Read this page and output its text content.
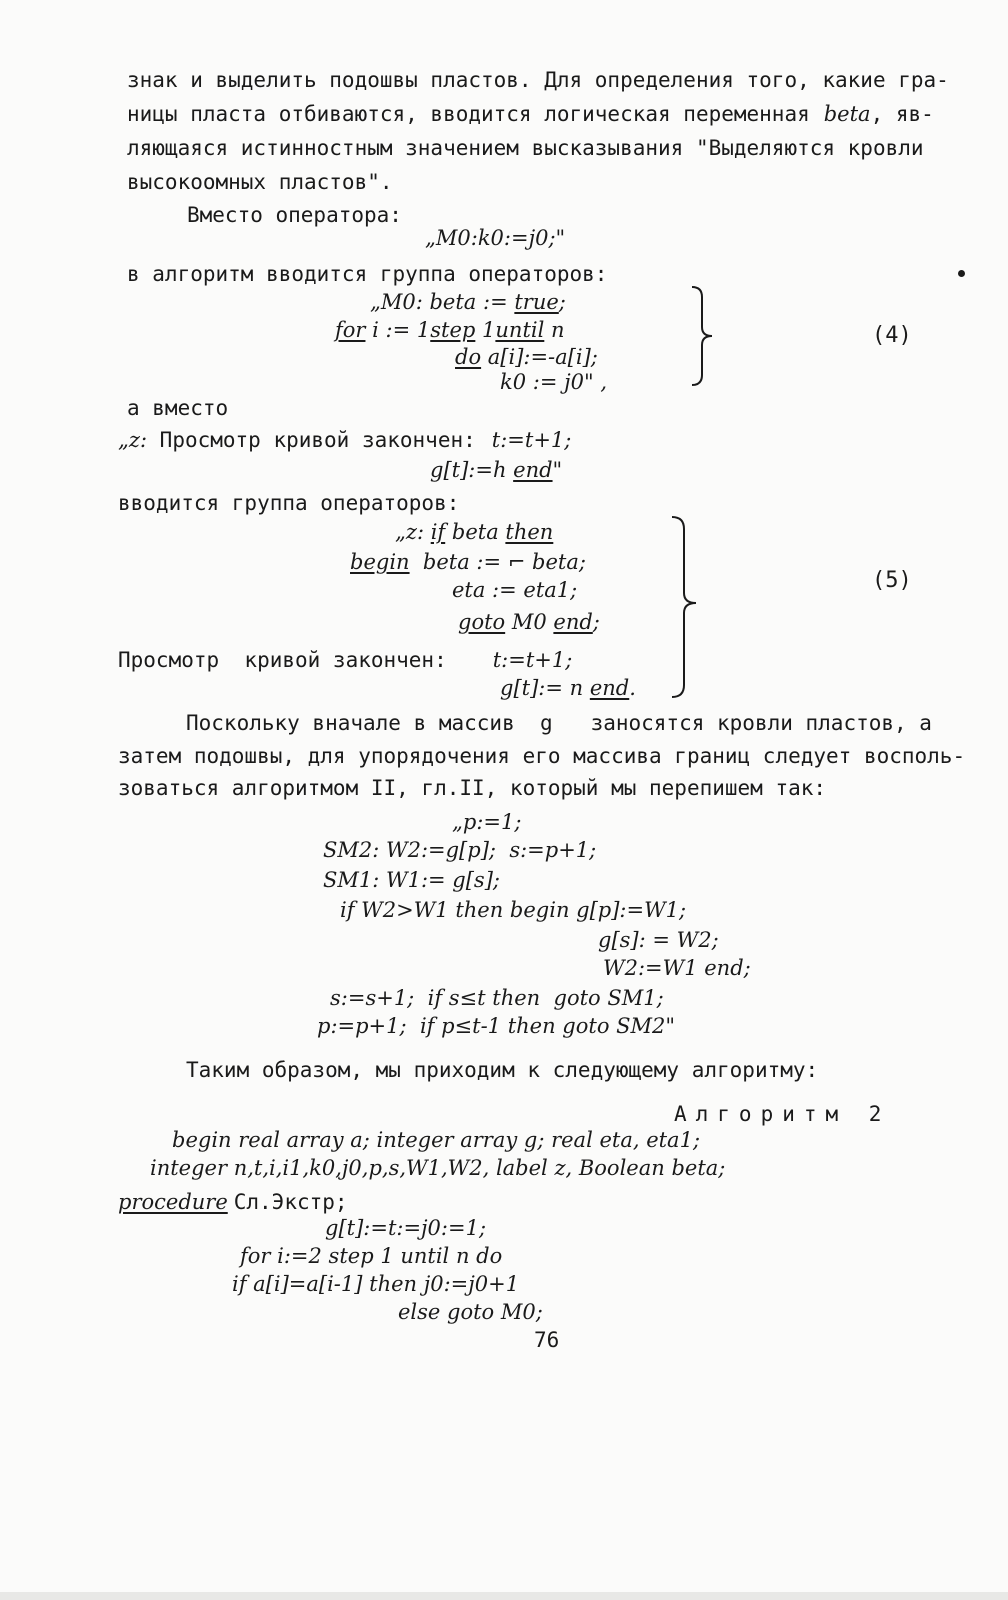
знак и выделить подошвы пластов. Для определения того, какие гра-
ницы пласта отбиваются, вводится логическая переменная beta, яв-
ляющаяся истинностным значением высказывания "Выделяются кровли
высокоомных пластов".
Вместо оператора:
„M0:k0:=j0;"
в алгоритм вводится группа операторов:
„M0: beta := true;
for i := 1step 1until n
do a[i]:=-a[i];
k0 := j0" ,
(4)
а вместо
„z: Просмотр кривой закончен: t:=t+1;
g[t]:=h end"
вводится группа операторов:
„z: if beta then
begin  beta := ⌐ beta;
eta := eta1;
goto M0 end;
Просмотр  кривой закончен: t:=t+1;
g[t]:= n end.
(5)
Поскольку вначале в массив  g   заносятся кровли пластов, а
затем подошвы, для упорядочения его массива границ следует восполь-
зоваться алгоритмом II, гл.II, который мы перепишем так:
„p:=1;
SM2: W2:=g[p];  s:=p+1;
SM1: W1:= g[s];
if W2>W1 then begin g[p]:=W1;
g[s]: = W2;
W2:=W1 end;
s:=s+1;  if s≤t then  goto SM1;
p:=p+1;  if p≤t-1 then goto SM2"
Таким образом, мы приходим к следующему алгоритму:
Алгоритм 2
begin real array a; integer array g; real eta, eta1;
integer n,t,i,i1,k0,j0,p,s,W1,W2, label z, Boolean beta;
procedure Сл.Экстр;
g[t]:=t:=j0:=1;
for i:=2 step 1 until n do
if a[i]=a[i-1] then j0:=j0+1
else goto M0;
76
